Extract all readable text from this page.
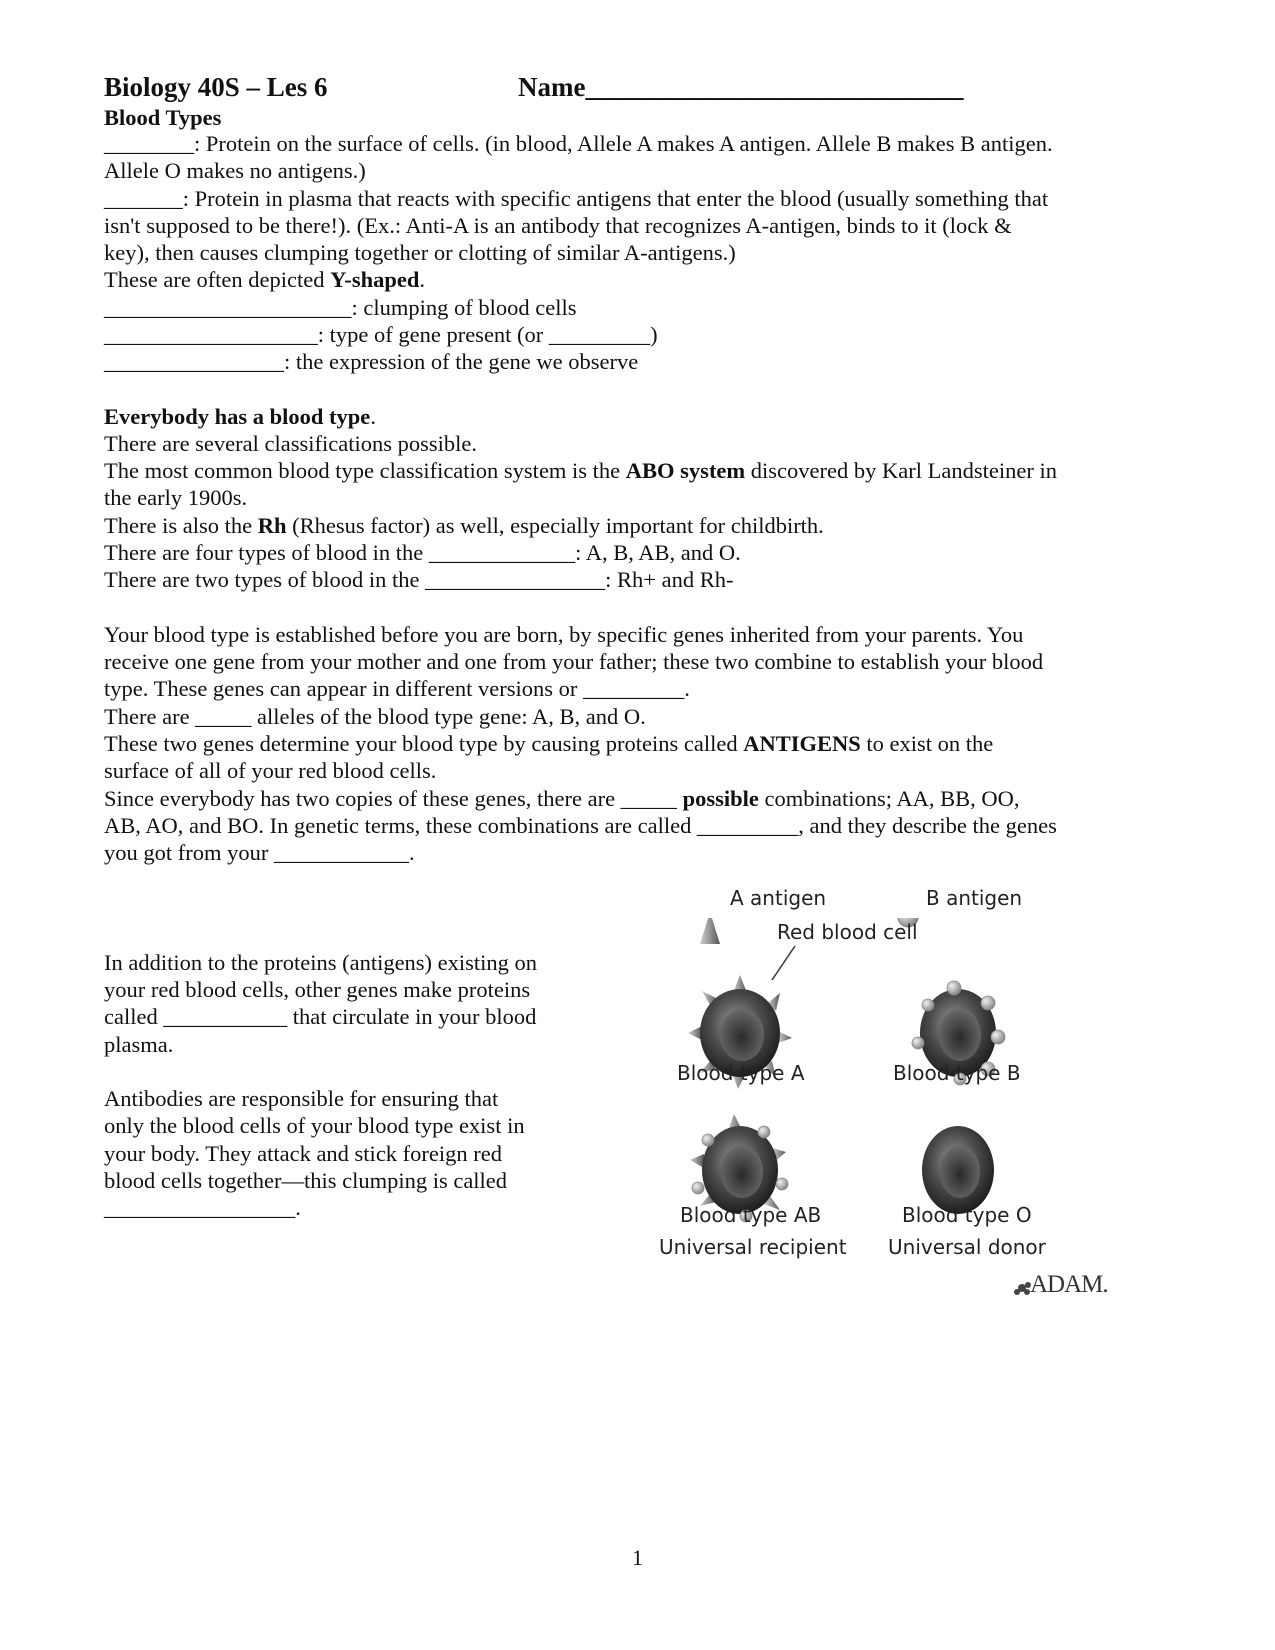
Biology 40S – Les 6	Name____________________________
Blood Types
________: Protein on the surface of cells. (in blood, Allele A makes A antigen. Allele B makes B antigen.
Allele O makes no antigens.)
_______: Protein in plasma that reacts with specific antigens that enter the blood (usually something that
isn't supposed to be there!). (Ex.: Anti-A is an antibody that recognizes A-antigen, binds to it (lock &
key), then causes clumping together or clotting of similar A-antigens.)
These are often depicted Y-shaped.
______________________: clumping of blood cells
___________________: type of gene present (or _________)
________________: the expression of the gene we observe
Everybody has a blood type.
There are several classifications possible.
The most common blood type classification system is the ABO system discovered by Karl Landsteiner in
the early 1900s.
There is also the Rh (Rhesus factor) as well, especially important for childbirth.
There are four types of blood in the _____________: A, B, AB, and O.
There are two types of blood in the ________________: Rh+ and Rh-
Your blood type is established before you are born, by specific genes inherited from your parents. You
receive one gene from your mother and one from your father; these two combine to establish your blood
type. These genes can appear in different versions or _________.
There are _____ alleles of the blood type gene: A, B, and O.
These two genes determine your blood type by causing proteins called ANTIGENS to exist on the
surface of all of your red blood cells.
Since everybody has two copies of these genes, there are _____ possible combinations; AA, BB, OO,
AB, AO, and BO. In genetic terms, these combinations are called _________, and they describe the genes
you got from your ____________.
In addition to the proteins (antigens) existing on
your red blood cells, other genes make proteins
called ___________ that circulate in your blood
plasma.
Antibodies are responsible for ensuring that
only the blood cells of your blood type exist in
your body. They attack and stick foreign red
blood cells together—this clumping is called
_________________.
A antigen	B antigen
Red blood cell
Blood type A	Blood type B
Blood type AB	Blood type O
Universal recipient Universal donor
ADAM.
1
